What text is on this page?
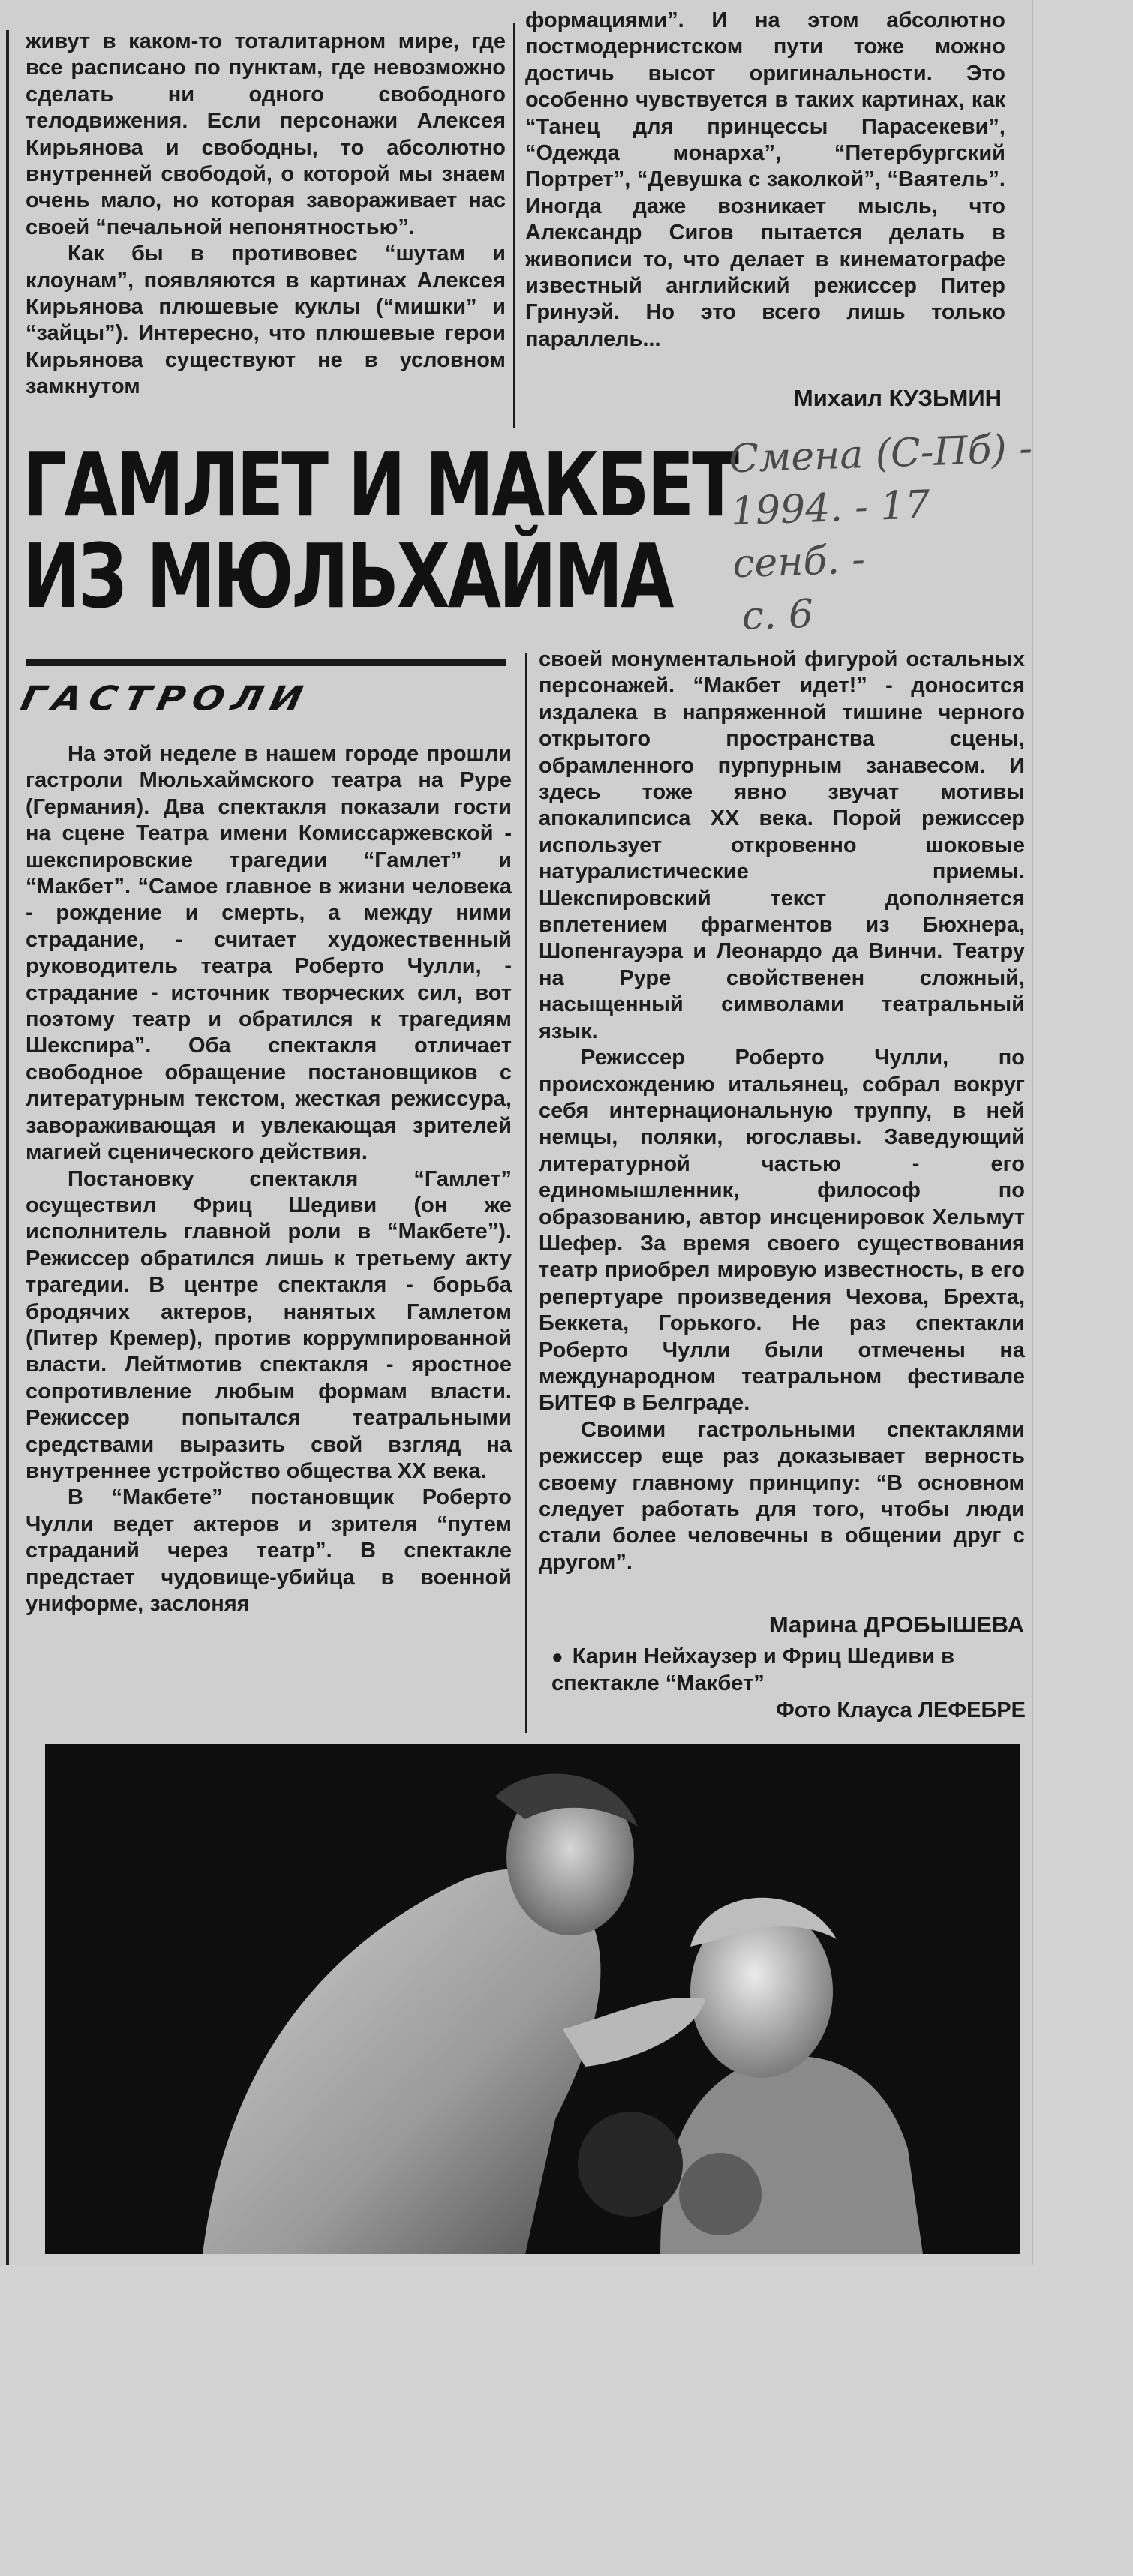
живут в каком-то тоталитарном мире, где все расписано по пунктам, где невозможно сделать ни одного свободного телодвижения. Если персонажи Алексея Кирьянова и свободны, то абсолютно внутренней свободой, о которой мы знаем очень мало, но которая завораживает нас своей “печальной непонятностью”.

Как бы в противовес “шутам и клоунам”, появляются в картинах Алексея Кирьянова плюшевые куклы (“мишки” и “зайцы”). Интересно, что плюшевые герои Кирьянова существуют не в условном замкнутом

формациями”. И на этом абсолютно постмодернистском пути тоже можно достичь высот оригинальности. Это особенно чувствуется в таких картинах, как “Танец для принцессы Парасекеви”, “Одежда монарха”, “Петербургский Портрет”, “Девушка с заколкой”, “Ваятель”. Иногда даже возникает мысль, что Александр Сигов пытается делать в живописи то, что делает в кинематографе известный английский режиссер Питер Гринуэй. Но это всего лишь только параллель...

Михаил КУЗЬМИН
ГАМЛЕТ И МАКБЕТ
ИЗ МЮЛЬХАЙМА
Смена (С-Пб) -
1994. - 17 сенб. -
с. 6
ГАСТРОЛИ

На этой неделе в нашем городе прошли гастроли Мюльхаймского театра на Руре (Германия). Два спектакля показали гости на сцене Театра имени Комиссаржевской - шекспировские трагедии “Гамлет” и “Макбет”. “Самое главное в жизни человека - рождение и смерть, а между ними страдание, - считает художественный руководитель театра Роберто Чулли, - страдание - источник творческих сил, вот поэтому театр и обратился к трагедиям Шекспира”. Оба спектакля отличает свободное обращение постановщиков с литературным текстом, жесткая режиссура, завораживающая и увлекающая зрителей магией сценического действия.

Постановку спектакля “Гамлет” осуществил Фриц Шедиви (он же исполнитель главной роли в “Макбете”). Режиссер обратился лишь к третьему акту трагедии. В центре спектакля - борьба бродячих актеров, нанятых Гамлетом (Питер Кремер), против коррумпированной власти. Лейтмотив спектакля - яростное сопротивление любым формам власти. Режиссер попытался театральными средствами выразить свой взгляд на внутреннее устройство общества XX века.

В “Макбете” постановщик Роберто Чулли ведет актеров и зрителя “путем страданий через театр”. В спектакле предстает чудовище-убийца в военной униформе, заслоняя

своей монументальной фигурой остальных персонажей. “Макбет идет!” - доносится издалека в напряженной тишине черного открытого пространства сцены, обрамленного пурпурным занавесом. И здесь тоже явно звучат мотивы апокалипсиса XX века. Порой режиссер использует откровенно шоковые натуралистические приемы. Шекспировский текст дополняется вплетением фрагментов из Бюхнера, Шопенгауэра и Леонардо да Винчи. Театру на Руре свойственен сложный, насыщенный символами театральный язык.

Режиссер Роберто Чулли, по происхождению итальянец, собрал вокруг себя интернациональную труппу, в ней немцы, поляки, югославы. Заведующий литературной частью - его единомышленник, философ по образованию, автор инсценировок Хельмут Шефер. За время своего существования театр приобрел мировую известность, в его репертуаре произведения Чехова, Брехта, Беккета, Горького. Не раз спектакли Роберто Чулли были отмечены на международном театральном фестивале БИТЕФ в Белграде.

Своими гастрольными спектаклями режиссер еще раз доказывает верность своему главному принципу: “В основном следует работать для того, чтобы люди стали более человечны в общении друг с другом”.

Марина ДРОБЫШЕВА
● Карин Нейхаузер и Фриц Шедиви в спектакле “Макбет”
Фото Клауса ЛЕФЕБРЕ
